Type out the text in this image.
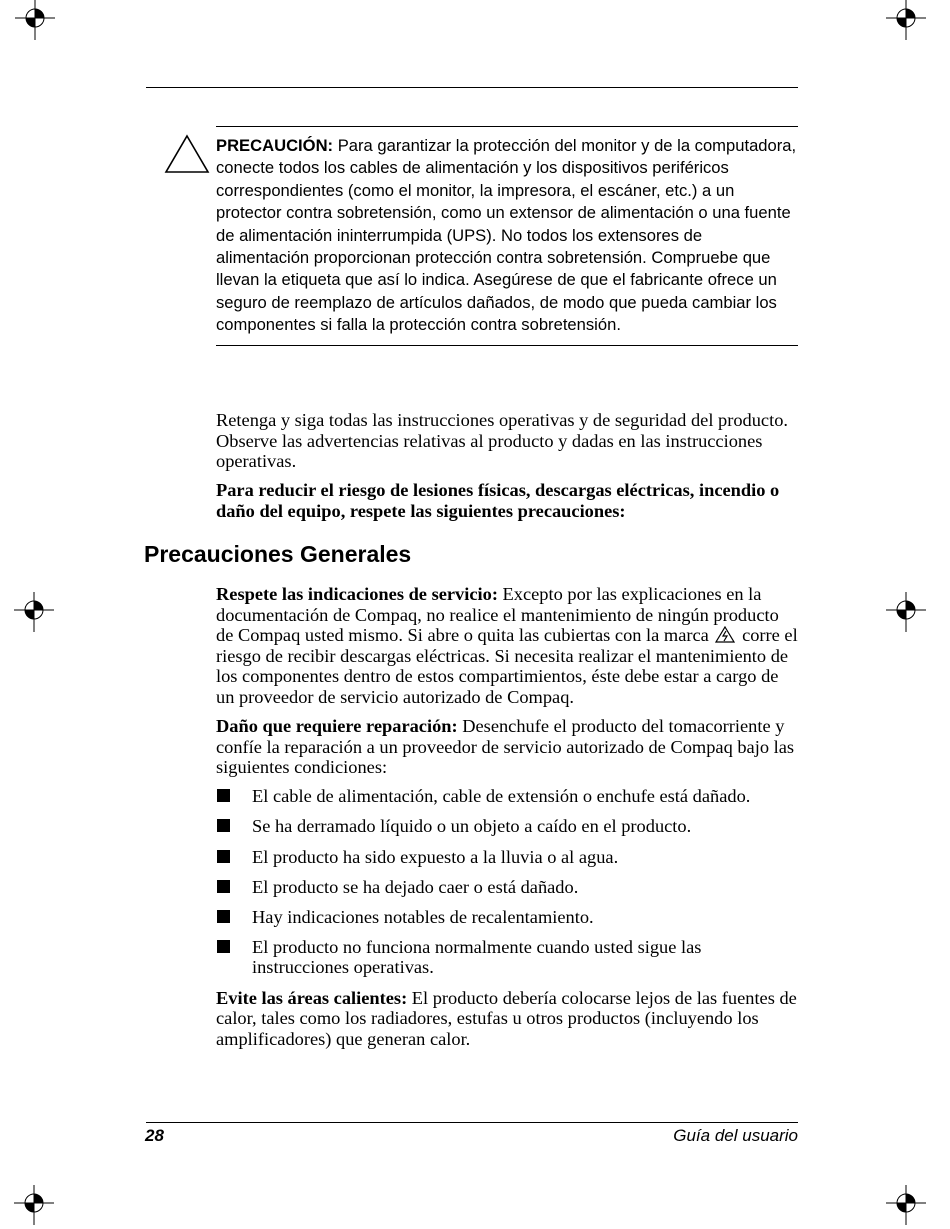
PRECAUCIÓN: Para garantizar la protección del monitor y de la computadora, conecte todos los cables de alimentación y los dispositivos periféricos correspondientes (como el monitor, la impresora, el escáner, etc.) a un protector contra sobretensión, como un extensor de alimentación o una fuente de alimentación ininterrumpida (UPS). No todos los extensores de alimentación proporcionan protección contra sobretensión. Compruebe que llevan la etiqueta que así lo indica. Asegúrese de que el fabricante ofrece un seguro de reemplazo de artículos dañados, de modo que pueda cambiar los componentes si falla la protección contra sobretensión.

Retenga y siga todas las instrucciones operativas y de seguridad del producto. Observe las advertencias relativas al producto y dadas en las instrucciones operativas.

Para reducir el riesgo de lesiones físicas, descargas eléctricas, incendio o daño del equipo, respete las siguientes precauciones:

Precauciones Generales

Respete las indicaciones de servicio: Excepto por las explicaciones en la documentación de Compaq, no realice el mantenimiento de ningún producto de Compaq usted mismo. Si abre o quita las cubiertas con la marca corre el riesgo de recibir descargas eléctricas. Si necesita realizar el mantenimiento de los componentes dentro de estos compartimientos, éste debe estar a cargo de un proveedor de servicio autorizado de Compaq.

Daño que requiere reparación: Desenchufe el producto del tomacorriente y confíe la reparación a un proveedor de servicio autorizado de Compaq bajo las siguientes condiciones:

El cable de alimentación, cable de extensión o enchufe está dañado.
Se ha derramado líquido o un objeto a caído en el producto.
El producto ha sido expuesto a la lluvia o al agua.
El producto se ha dejado caer o está dañado.
Hay indicaciones notables de recalentamiento.
El producto no funciona normalmente cuando usted sigue las instrucciones operativas.

Evite las áreas calientes: El producto debería colocarse lejos de las fuentes de calor, tales como los radiadores, estufas u otros productos (incluyendo los amplificadores) que generan calor.

28	Guía del usuario
